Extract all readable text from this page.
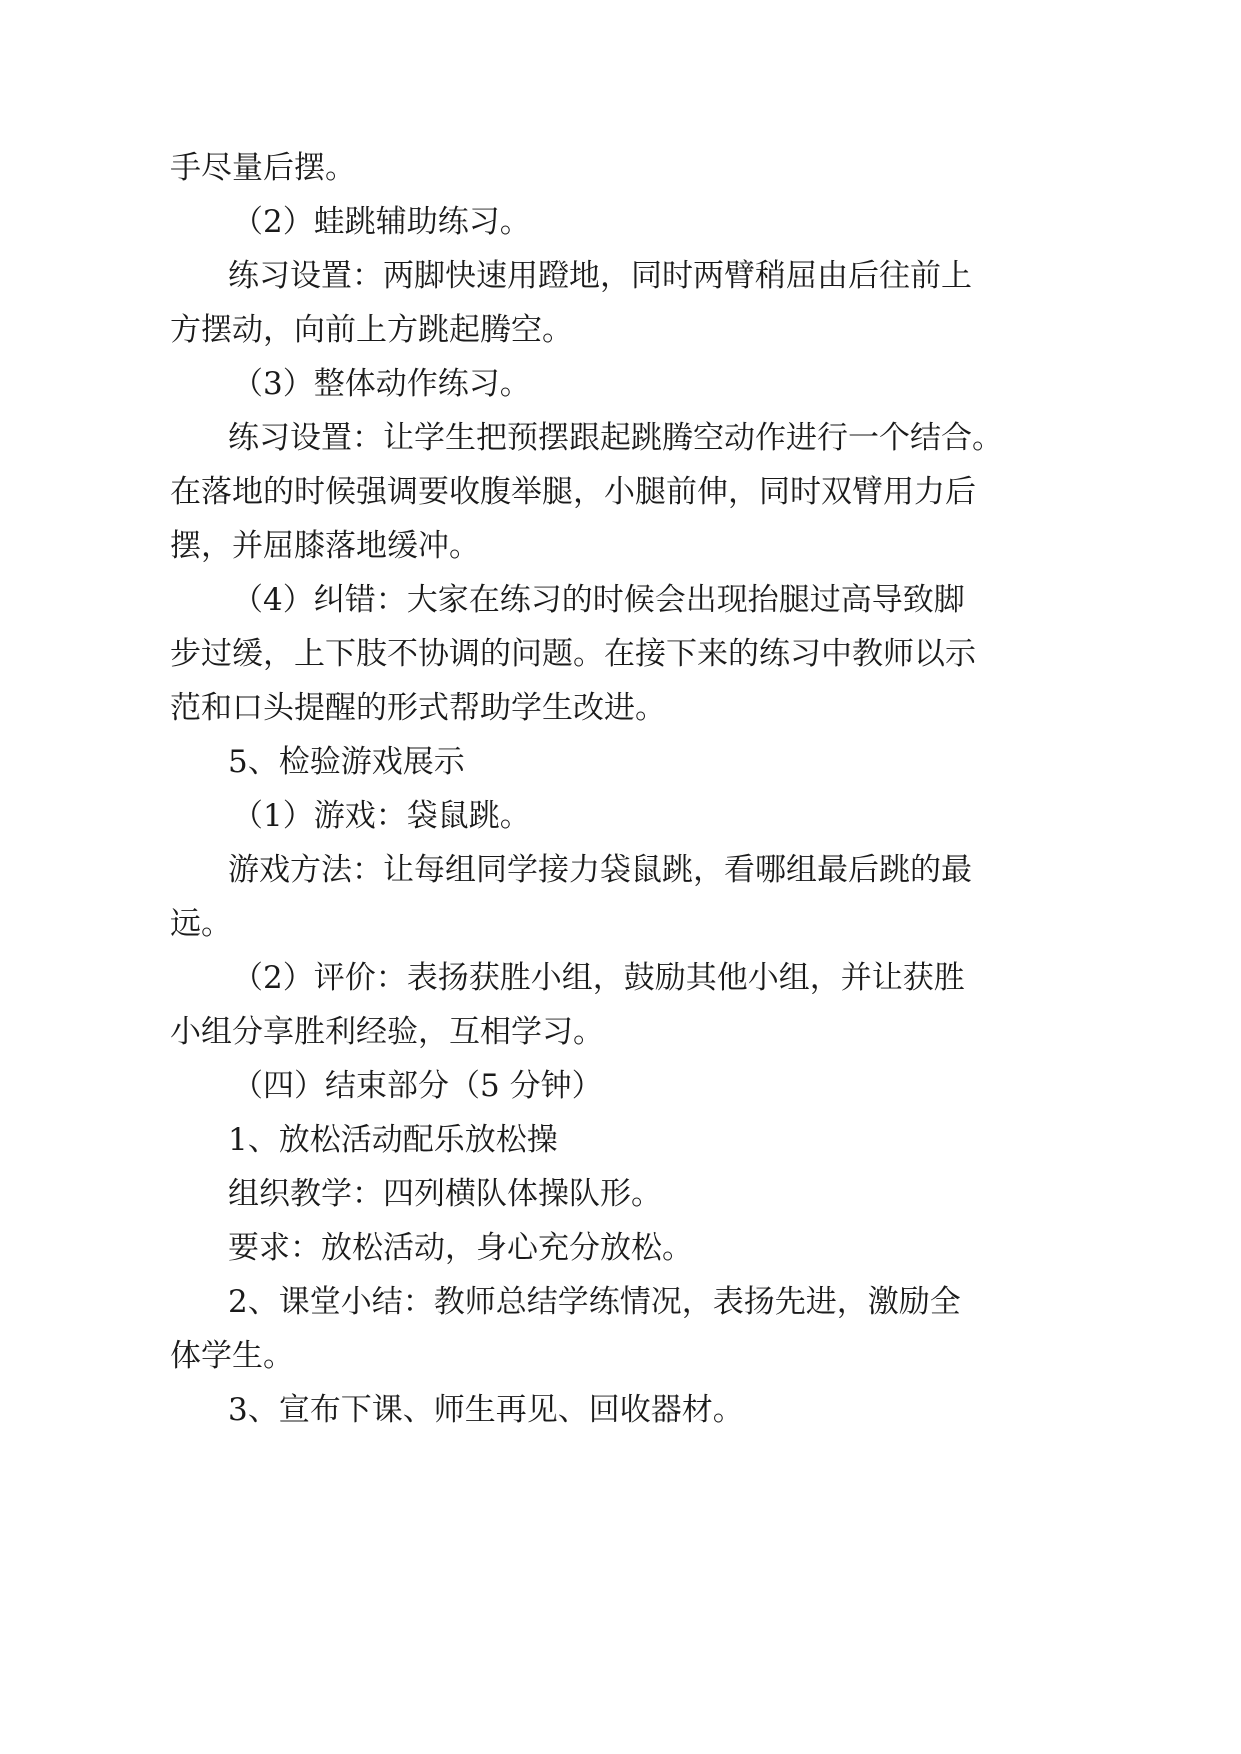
手尽量后摆。
（2）蛙跳辅助练习。
练习设置：两脚快速用蹬地，同时两臂稍屈由后往前上
方摆动，向前上方跳起腾空。
（3）整体动作练习。
练习设置：让学生把预摆跟起跳腾空动作进行一个结合。
在落地的时候强调要收腹举腿，小腿前伸，同时双臂用力后
摆，并屈膝落地缓冲。
（4）纠错：大家在练习的时候会出现抬腿过高导致脚
步过缓，上下肢不协调的问题。在接下来的练习中教师以示
范和口头提醒的形式帮助学生改进。
5、检验游戏展示
（1）游戏：袋鼠跳。
游戏方法：让每组同学接力袋鼠跳，看哪组最后跳的最
远。
（2）评价：表扬获胜小组，鼓励其他小组，并让获胜
小组分享胜利经验，互相学习。
（四）结束部分（5 分钟）
1、放松活动配乐放松操
组织教学：四列横队体操队形。
要求：放松活动，身心充分放松。
2、课堂小结：教师总结学练情况，表扬先进，激励全
体学生。
3、宣布下课、师生再见、回收器材。
